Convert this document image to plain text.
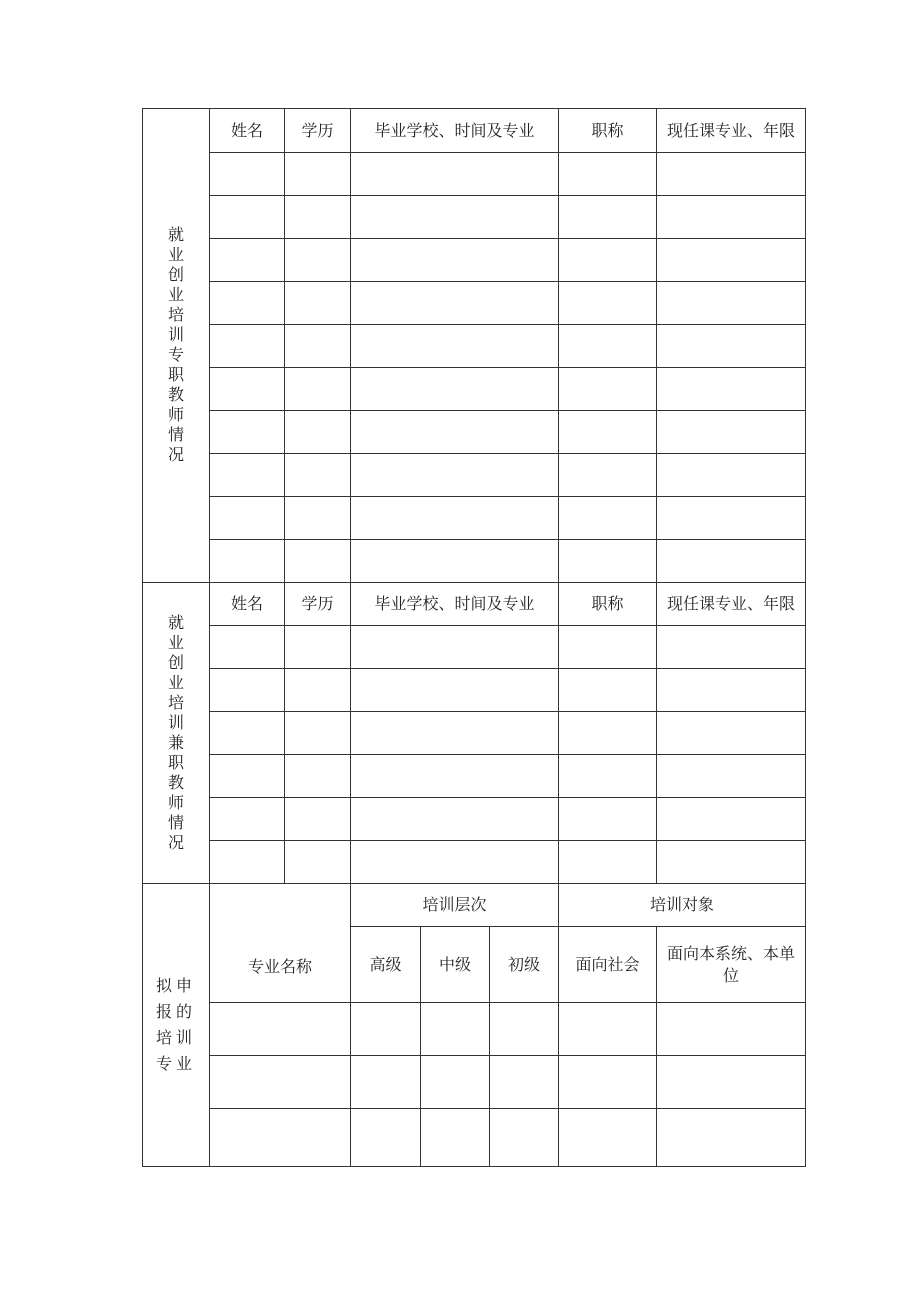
就业创业培训专职教师情况	姓名	学历	毕业学校、时间及专业			职称	现任课专业、年限

就业创业培训兼职教师情况	姓名	学历	毕业学校、时间及专业			职称	现任课专业、年限

拟申报的培训专业	专业名称		培训层次			培训对象	
			高级	中级	初级	面向社会	面向本系统、本单位
